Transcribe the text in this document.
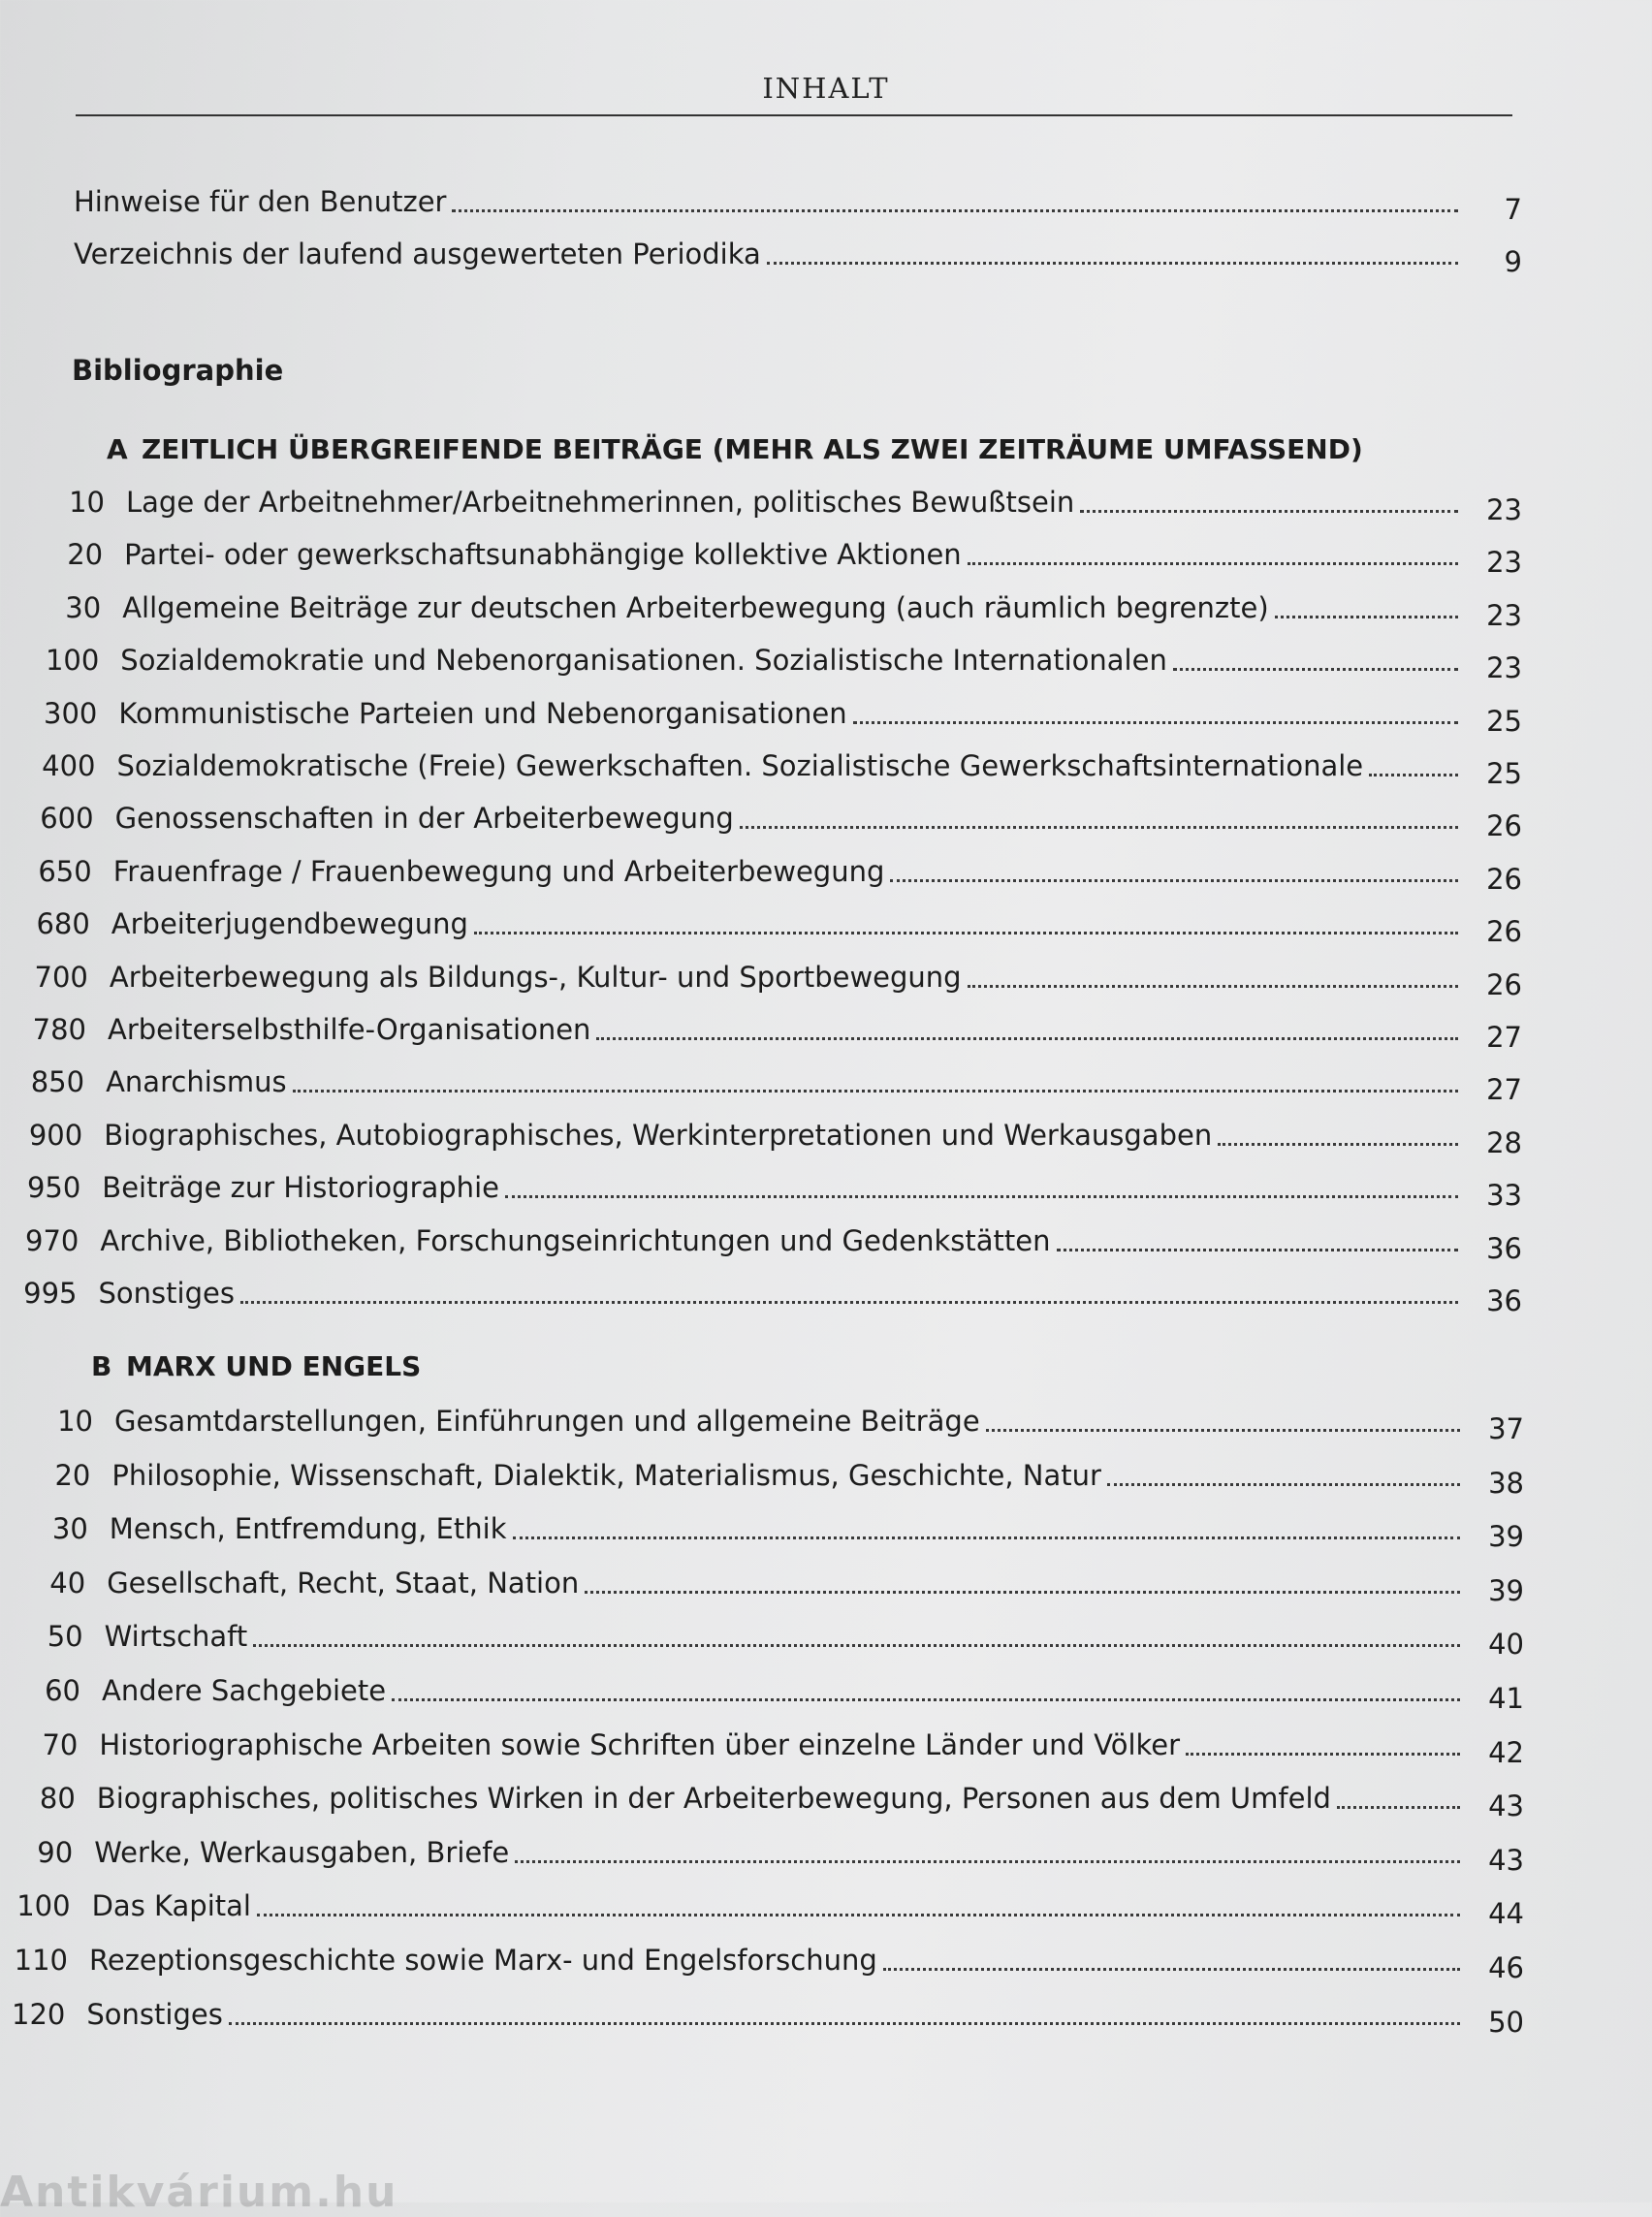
INHALT
Hinweise für den Benutzer	7
Verzeichnis der laufend ausgewerteten Periodika	9
Bibliographie
A ZEITLICH ÜBERGREIFENDE BEITRÄGE (MEHR ALS ZWEI ZEITRÄUME UMFASSEND)
10 Lage der Arbeitnehmer/Arbeitnehmerinnen, politisches Bewußtsein	23
20 Partei- oder gewerkschaftsunabhängige kollektive Aktionen	23
30 Allgemeine Beiträge zur deutschen Arbeiterbewegung (auch räumlich begrenzte)	23
100 Sozialdemokratie und Nebenorganisationen. Sozialistische Internationalen	23
300 Kommunistische Parteien und Nebenorganisationen	25
400 Sozialdemokratische (Freie) Gewerkschaften. Sozialistische Gewerkschaftsinternationale	25
600 Genossenschaften in der Arbeiterbewegung	26
650 Frauenfrage / Frauenbewegung und Arbeiterbewegung	26
680 Arbeiterjugendbewegung	26
700 Arbeiterbewegung als Bildungs-, Kultur- und Sportbewegung	26
780 Arbeiterselbsthilfe-Organisationen	27
850 Anarchismus	27
900 Biographisches, Autobiographisches, Werkinterpretationen und Werkausgaben	28
950 Beiträge zur Historiographie	33
970 Archive, Bibliotheken, Forschungseinrichtungen und Gedenkstätten	36
995 Sonstiges	36
B MARX UND ENGELS
10 Gesamtdarstellungen, Einführungen und allgemeine Beiträge	37
20 Philosophie, Wissenschaft, Dialektik, Materialismus, Geschichte, Natur	38
30 Mensch, Entfremdung, Ethik	39
40 Gesellschaft, Recht, Staat, Nation	39
50 Wirtschaft	40
60 Andere Sachgebiete	41
70 Historiographische Arbeiten sowie Schriften über einzelne Länder und Völker	42
80 Biographisches, politisches Wirken in der Arbeiterbewegung, Personen aus dem Umfeld	43
90 Werke, Werkausgaben, Briefe	43
100 Das Kapital	44
110 Rezeptionsgeschichte sowie Marx- und Engelsforschung	46
120 Sonstiges	50
Antikvárium.hu
